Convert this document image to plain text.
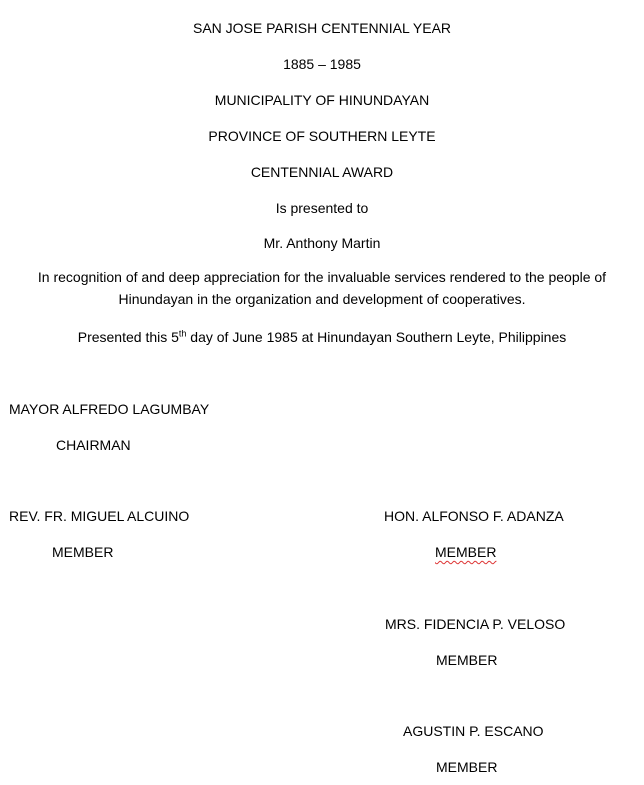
SAN JOSE PARISH CENTENNIAL YEAR
1885 – 1985
MUNICIPALITY OF HINUNDAYAN
PROVINCE OF SOUTHERN LEYTE
CENTENNIAL AWARD
Is presented to
Mr. Anthony Martin
In recognition of and deep appreciation for the invaluable services rendered to the people of Hinundayan in the organization and development of cooperatives.
Presented this 5th day of June 1985 at Hinundayan Southern Leyte, Philippines
MAYOR ALFREDO LAGUMBAY
CHAIRMAN
REV. FR. MIGUEL ALCUINO
MEMBER
HON. ALFONSO F. ADANZA
MEMBER
MRS. FIDENCIA P. VELOSO
MEMBER
AGUSTIN P. ESCANO
MEMBER
